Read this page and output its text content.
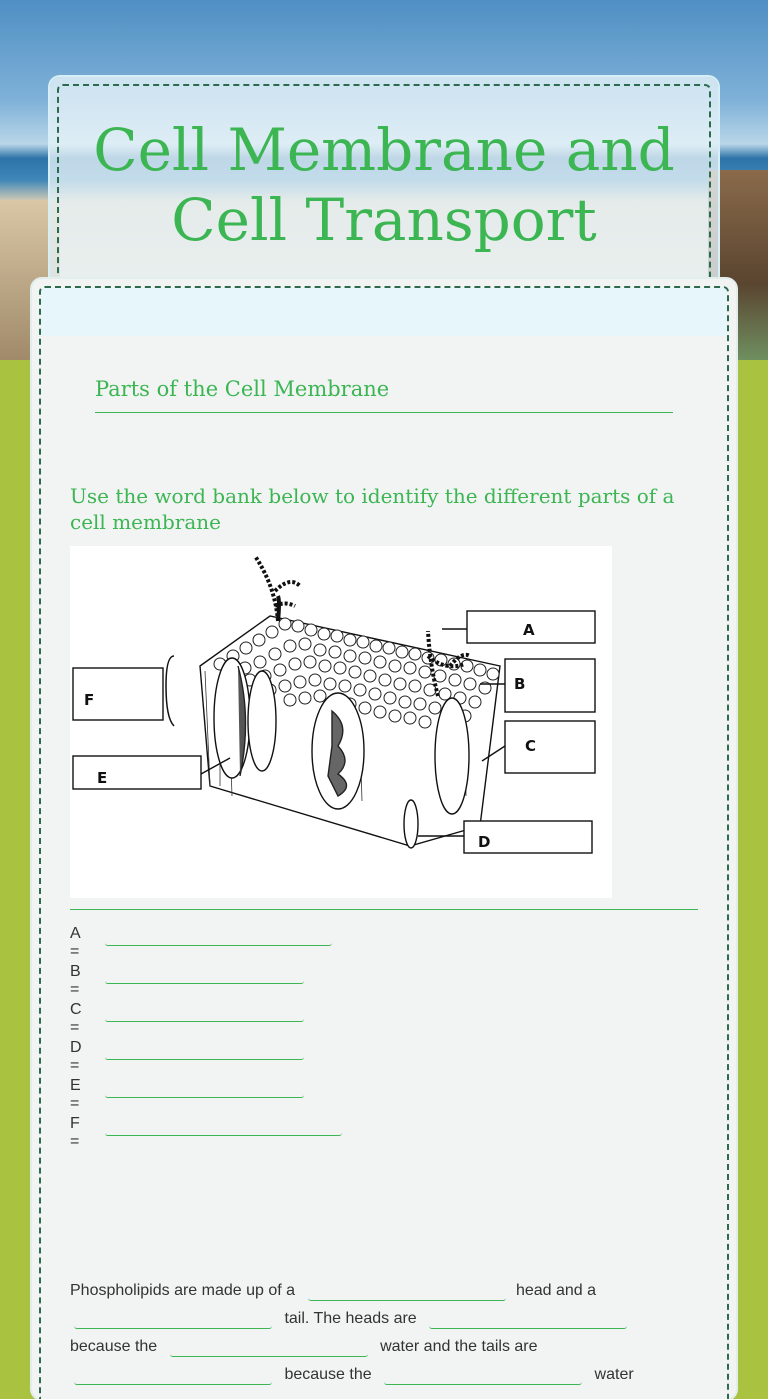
Cell Membrane and
Cell Transport
Parts of the Cell Membrane
Use the word bank below to identify the different parts of a cell membrane
A
B
C
D
E
F
A =
B =
C =
D =
E =
F =
Phospholipids are made up of a	head and a
tail. The heads are
because the	water and the tails are
because the	water
